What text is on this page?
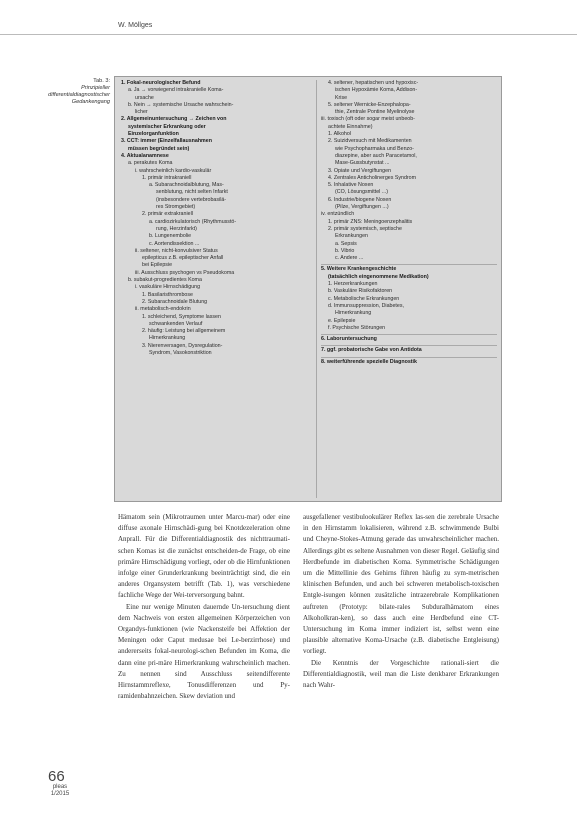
W. Möllges
Tab. 3:
Prinzipieller
differentialdiagnostischer
Gedankengang
1. Fokal-neurologischer Befund
a. Ja → vorwiegend intrakranielle Koma-
ursache
b. Nein → systemische Ursache wahrschein-
licher
2. Allgemeinuntersuchung → Zeichen von
systemischer Erkrankung oder
Einzelorganfunktion
3. CCT: immer (Einzelfallausnahmen
müssen begründet sein)
4. Aktualanamnese
a. perakutes Koma
i. wahrscheinlich kardio-vaskulär
1. primär intrakraniell
a. Subarachnoidalblutung, Mas-
senblutung, nicht selten Infarkt
(insbesondere vertebrobasilä-
res Stromgebiet)
2. primär extrakraniell
a. cardiozirkulatorisch (Rhythmusstö-
rung, Herzinfarkt)
b. Lungenembolie
c. Aortendissektion ...
ii. seltener, nicht-konvulsiver Status
epilepticus z.B. epileptischer Anfall
bei Epilepsie
iii. Ausschluss psychogen vs Pseudokoma
b. subakut-progredientes Koma
i. vaskuläre Hirnschädigung
1. Basilaristhrombose
2. Subarachnoidale Blutung
ii. metabolisch-endokrin
1. schleichend, Symptome lassen
schwankenden Verlauf
2. häufig: Leistung bei allgemeinem
Hirnerkrankung
3. Nierenversagen, Dysregulation-
Syndrom, Vasokonstriktion
4. seltener, hepatischen und hypoxisc-
ischen Hypoxämie Koma, Addison-
Krise
5. seltener Wernicke-Enzephalopa-
thie, Zentrale Pontine Myelinolyse
iii. toxisch (oft oder sogar meist unbeob-
achtete Einnahme)
1. Alkohol
2. Suizidversuch mit Medikamenten
wie Psychopharmaka und Benzo-
diazepine, aber auch Paracetamol,
Mase-Gussbutynstat ...
3. Opiate und Vergiftungen
4. Zentrales Anticholinerges Syndrom
5. Inhalative Noxen
(CO, Lösungsmittel ...)
6. Industrie/biogene Noxen
(Pilze, Vergiftungen ...)
iv. entzündlich
1. primär ZNS: Meningoenzephalitis
2. primär systemisch, septische
Erkrankungen
a. Sepsis
b. Vibrio
c. Andere ...
5. Weitere Krankengeschichte
(tatsächlich eingenommene Medikation)
1. Herzerkrankungen
b. Vaskuläre Risikofaktoren
c. Metabolische Erkrankungen
d. Immunsuppression, Diabetes,
Hirnerkrankung
e. Epilepsie
f. Psychische Störungen
6. Laboruntersuchung
7. ggf. probatorische Gabe von Antidota
8. weiterführende spezielle Diagnostik

Hämatom sein (Mikrotraumen unter Marcu-mar) oder eine diffuse axonale Hirnschädi-gung bei Knotdezeleration ohne Anprall. Für die Differentialdiagnostik des nichttraumati-schen Komas ist die zunächst entscheiden-de Frage, ob eine primäre Hirnschädigung vorliegt, oder ob die Hirnfunktionen infolge einer Grunderkrankung beeinträchtigt sind, die ein anderes Organsystem betrifft (Tab. 1), was verschiedene fachliche Wege der Wei-terversorgung bahnt.

Eine nur wenige Minuten dauernde Un-tersuchung dient dem Nachweis von ersten allgemeinen Körperzeichen von Organdys-funktionen (wie Nackensteife bei Affektion der Meningen oder Caput medusae bei Le-berzirrhose) und andererseits fokal-neurologi-schen Befunden im Koma, die dann eine pri-märe Hirnerkrankung wahrscheinlich machen. Zu nennen sind Ausschluss seitendifferente Hirnstammreflexe, Tonusdifferenzen und Py-ramidenbahnzeichen. Skew deviation und

ausgefallener vestibulookulärer Reflex las-sen die zerebrale Ursache in den Hirnstamm lokalisieren, während z.B. schwimmende Bulbi und Cheyne-Stokes-Atmung gerade das unwahrscheinlicher machen. Allerdings gibt es seltene Ausnahmen von dieser Regel. Geläufig sind Herdbefunde im diabetischen Koma. Symmetrische Schädigungen um die Mittellinie des Gehirns führen häufig zu sym-metrischen klinischen Befunden, und auch bei schweren metabolisch-toxischen Entgle-isungen können zusätzliche intrazerebrale Komplikationen auftreten (Prototyp: bilate-rales Subduralhämatom eines Alkoholkran-ken), so dass auch eine Herdbefund eine CT-Untersuchung im Koma immer indiziert ist, selbst wenn eine plausible alternative Koma-Ursache (z.B. diabetische Entgleisung) vorliegt.

Die Kenntnis der Vorgeschichte rationali-siert die Differentialdiagnostik, weil man die Liste denkbarer Erkrankungen nach Wahr-

66
pleas
1/2015
